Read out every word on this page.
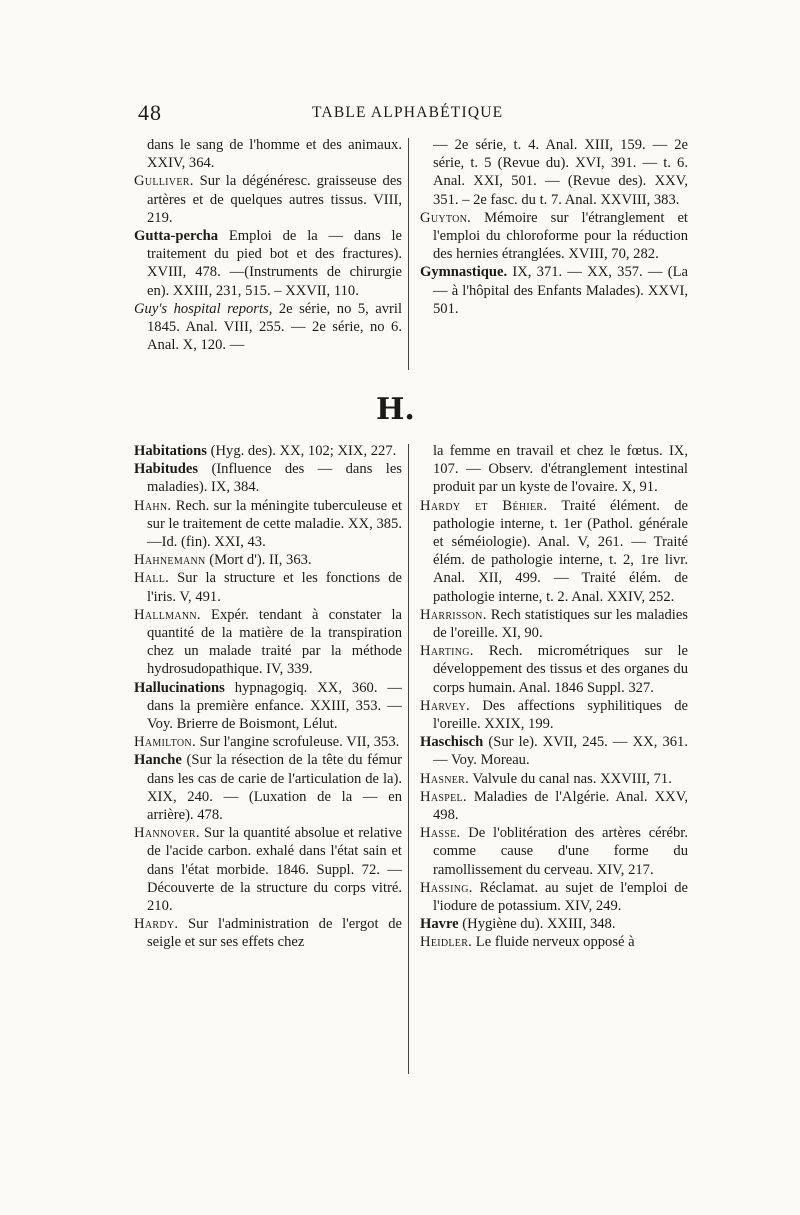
48	TABLE ALPHABÉTIQUE

dans le sang de l'homme et des animaux. XXIV, 364.

Gulliver. Sur la dégénéresc. graisseuse des artères et de quelques autres tissus. VIII, 219.

Gutta-percha Emploi de la — dans le traitement du pied bot et des fractures). XVIII, 478. —(Instruments de chirurgie en). XXIII, 231, 515. – XXVII, 110.

Guy's hospital reports, 2e série, no 5, avril 1845. Anal. VIII, 255. — 2e série, no 6. Anal. X, 120. —

— 2e série, t. 4. Anal. XIII, 159. — 2e série, t. 5 (Revue du). XVI, 391. — t. 6. Anal. XXI, 501. — (Revue des). XXV, 351. – 2e fasc. du t. 7. Anal. XXVIII, 383.

Guyton. Mémoire sur l'étranglement et l'emploi du chloroforme pour la réduction des hernies étranglées. XVIII, 70, 282.

Gymnastique. IX, 371. — XX, 357. — (La — à l'hôpital des Enfants Malades). XXVI, 501.

H.

Habitations (Hyg. des). XX, 102; XIX, 227.

Habitudes (Influence des — dans les maladies). IX, 384.

Hahn. Rech. sur la méningite tuberculeuse et sur le traitement de cette maladie. XX, 385.—Id. (fin). XXI, 43.

Hahnemann (Mort d'). II, 363.

Hall. Sur la structure et les fonctions de l'iris. V, 491.

Hallmann. Expér. tendant à constater la quantité de la matière de la transpiration chez un malade traité par la méthode hydrosudopathique. IV, 339.

Hallucinations hypnagogiq. XX, 360. — dans la première enfance. XXIII, 353. — Voy. Brierre de Boismont, Lélut.

Hamilton. Sur l'angine scrofuleuse. VII, 353.

Hanche (Sur la résection de la tête du fémur dans les cas de carie de l'articulation de la). XIX, 240. — (Luxation de la — en arrière). 478.

Hannover. Sur la quantité absolue et relative de l'acide carbon. exhalé dans l'état sain et dans l'état morbide. 1846. Suppl. 72. — Découverte de la structure du corps vitré. 210.

Hardy. Sur l'administration de l'ergot de seigle et sur ses effets chez

la femme en travail et chez le fœtus. IX, 107. — Observ. d'étranglement intestinal produit par un kyste de l'ovaire. X, 91.

Hardy et Béhier. Traité élément. de pathologie interne, t. 1er (Pathol. générale et séméiologie). Anal. V, 261. — Traité élém. de pathologie interne, t. 2, 1re livr. Anal. XII, 499. — Traité élém. de pathologie interne, t. 2. Anal. XXIV, 252.

Harrisson. Rech statistiques sur les maladies de l'oreille. XI, 90.

Harting. Rech. micrométriques sur le développement des tissus et des organes du corps humain. Anal. 1846 Suppl. 327.

Harvey. Des affections syphilitiques de l'oreille. XXIX, 199.

Haschisch (Sur le). XVII, 245. — XX, 361. — Voy. Moreau.

Hasner. Valvule du canal nas. XXVIII, 71.

Haspel. Maladies de l'Algérie. Anal. XXV, 498.

Hasse. De l'oblitération des artères cérébr. comme cause d'une forme du ramollissement du cerveau. XIV, 217.

Hassing. Réclamat. au sujet de l'emploi de l'iodure de potassium. XIV, 249.

Havre (Hygiène du). XXIII, 348.

Heidler. Le fluide nerveux opposé à
